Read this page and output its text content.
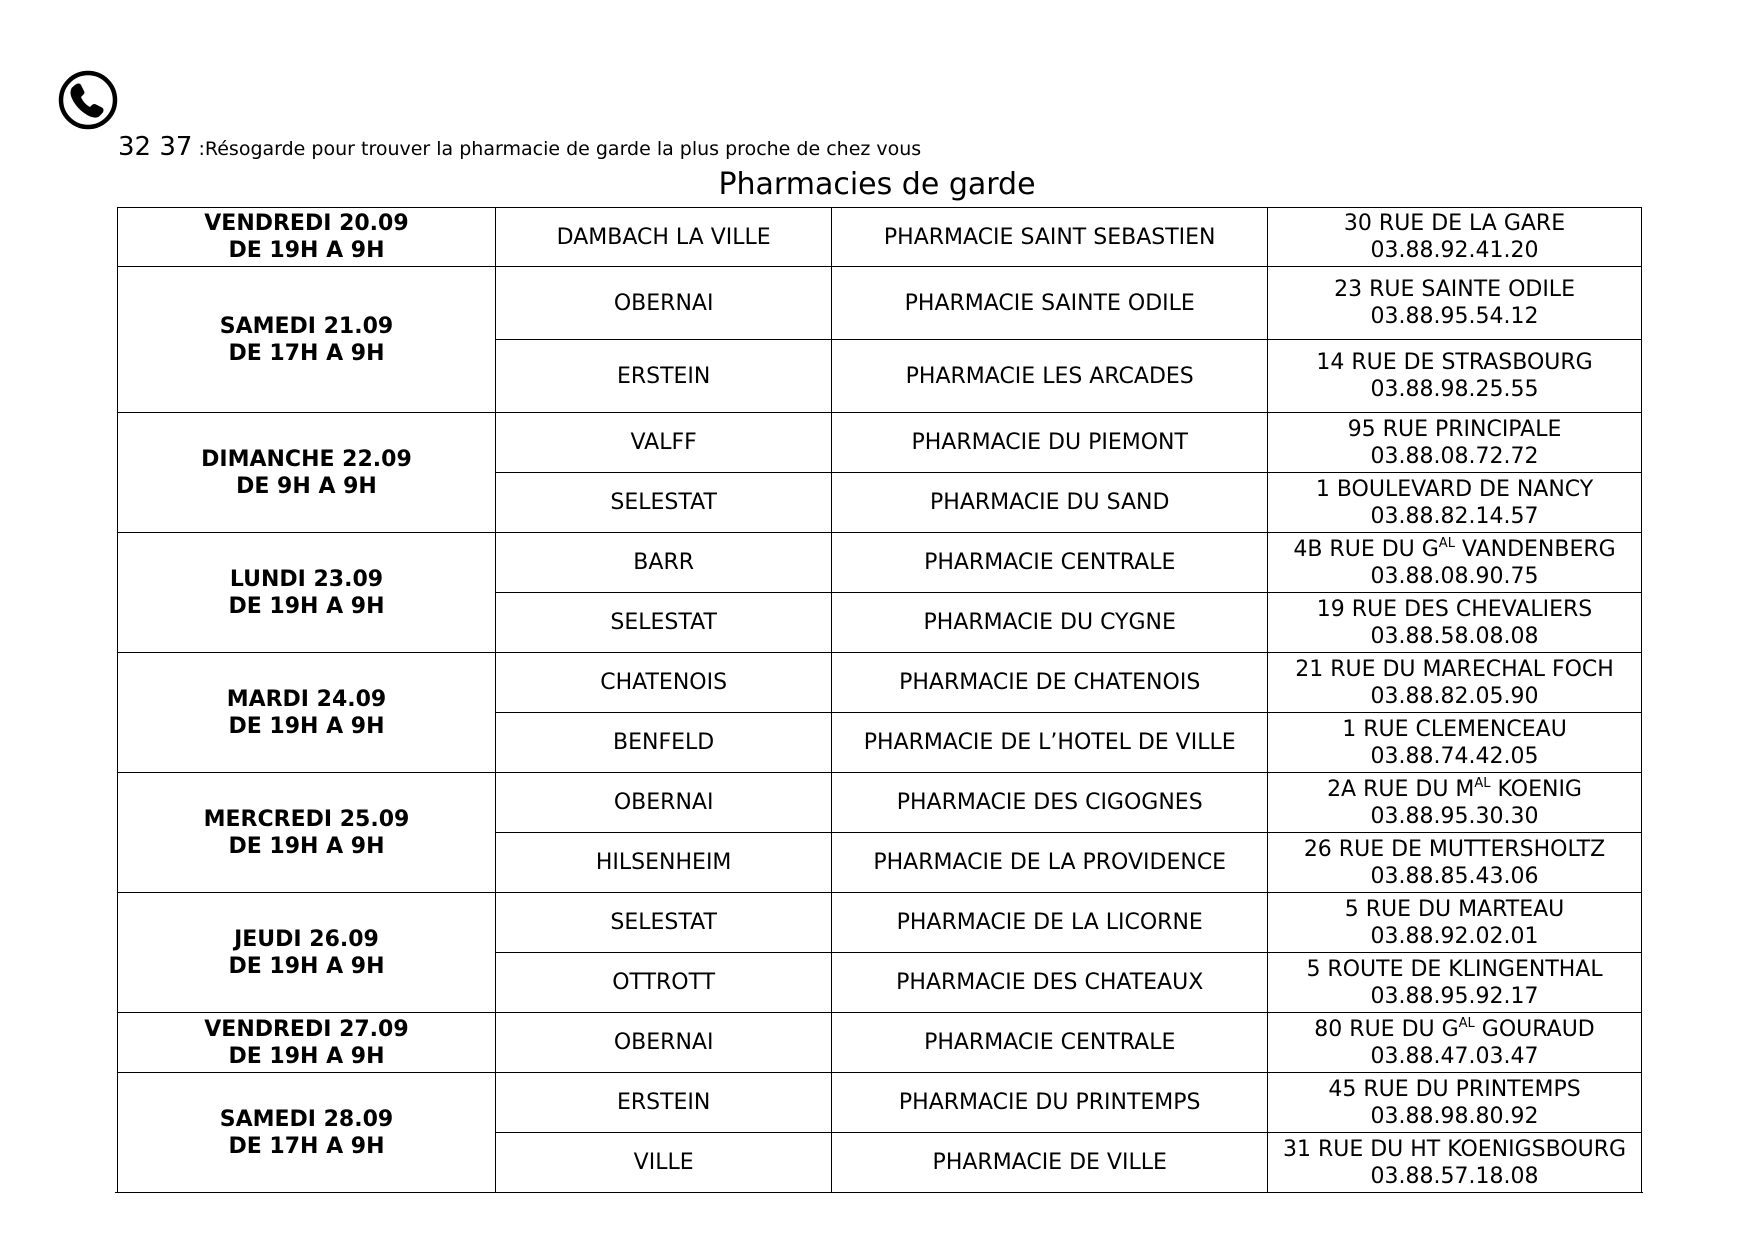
32 37 :Résogarde pour trouver la pharmacie de garde la plus proche de chez vous
Pharmacies de garde
VENDREDI 20.09
DE 19H A 9H	DAMBACH LA VILLE	PHARMACIE SAINT SEBASTIEN	30 RUE DE LA GARE
03.88.92.41.20

SAMEDI 21.09
DE 17H A 9H	OBERNAI	PHARMACIE SAINTE ODILE	23 RUE SAINTE ODILE
03.88.95.54.12

	ERSTEIN	PHARMACIE LES ARCADES	14 RUE DE STRASBOURG
03.88.98.25.55

DIMANCHE 22.09
DE 9H A 9H	VALFF	PHARMACIE DU PIEMONT	95 RUE PRINCIPALE
03.88.08.72.72

	SELESTAT	PHARMACIE DU SAND	1 BOULEVARD DE NANCY
03.88.82.14.57

LUNDI 23.09
DE 19H A 9H	BARR	PHARMACIE CENTRALE	4B RUE DU $G^{AL}$ VANDENBERG
03.88.08.90.75

	SELESTAT	PHARMACIE DU CYGNE	19 RUE DES CHEVALIERS
03.88.58.08.08

MARDI 24.09
DE 19H A 9H	CHATENOIS	PHARMACIE DE CHATENOIS	21 RUE DU MARECHAL FOCH
03.88.82.05.90

	BENFELD	PHARMACIE DE L’HOTEL DE VILLE	1 RUE CLEMENCEAU
03.88.74.42.05

MERCREDI 25.09
DE 19H A 9H	OBERNAI	PHARMACIE DES CIGOGNES	2A RUE DU $M^{AL}$ KOENIG
03.88.95.30.30

	HILSENHEIM	PHARMACIE DE LA PROVIDENCE	26 RUE DE MUTTERSHOLTZ
03.88.85.43.06

JEUDI 26.09
DE 19H A 9H	SELESTAT	PHARMACIE DE LA LICORNE	5 RUE DU MARTEAU
03.88.92.02.01

	OTTROTT	PHARMACIE DES CHATEAUX	5 ROUTE DE KLINGENTHAL
03.88.95.92.17

VENDREDI 27.09
DE 19H A 9H	OBERNAI	PHARMACIE CENTRALE	80 RUE DU $G^{AL}$ GOURAUD
03.88.47.03.47

SAMEDI 28.09
DE 17H A 9H	ERSTEIN	PHARMACIE DU PRINTEMPS	45 RUE DU PRINTEMPS
03.88.98.80.92

	VILLE	PHARMACIE DE VILLE	31 RUE DU HT KOENIGSBOURG
03.88.57.18.08
